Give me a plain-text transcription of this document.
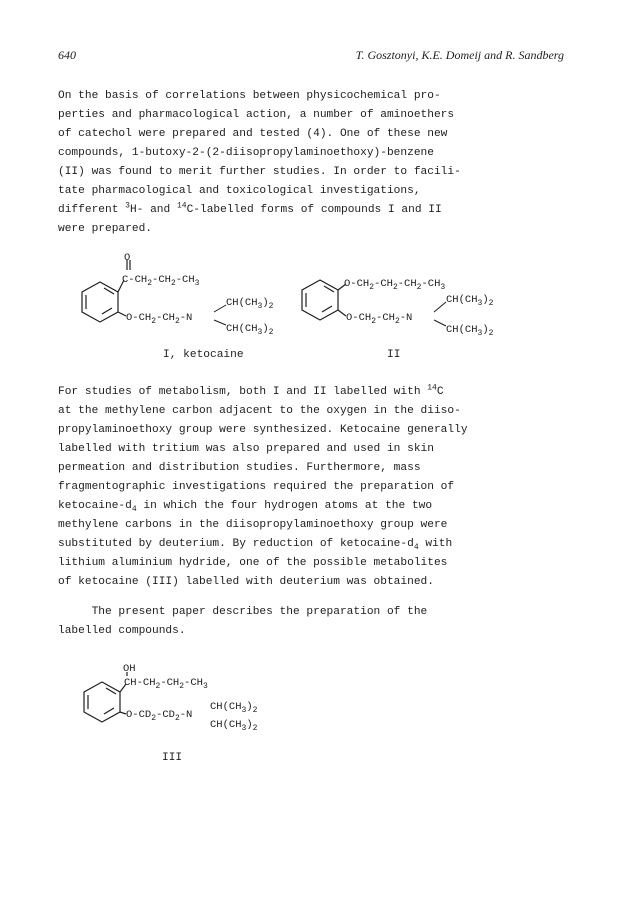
640	T. Gosztonyi, K.E. Domeij and R. Sandberg
On the basis of correlations between physicochemical pro-
perties and pharmacological action, a number of aminoethers
of catechol were prepared and tested (4). One of these new
compounds, 1-butoxy-2-(2-diisopropylaminoethoxy)-benzene
(II) was found to merit further studies. In order to facili-
tate pharmacological and toxicological investigations,
different $^3$H- and $^{14}$C-labelled forms of compounds I and II
were prepared.
O
$C-CH_2-CH_2-CH_3$
$O-CH_2-CH_2-N$
$CH(CH_3)_2$
$CH(CH_3)_2$
I, ketocaine
$O-CH_2-CH_2-CH_2-CH_3$
$O-CH_2-CH_2-N$
$CH(CH_3)_2$
$CH(CH_3)_2$
II
For studies of metabolism, both I and II labelled with $^{14}$C
at the methylene carbon adjacent to the oxygen in the diiso-
propylaminoethoxy group were synthesized. Ketocaine generally
labelled with tritium was also prepared and used in skin
permeation and distribution studies. Furthermore, mass
fragmentographic investigations required the preparation of
ketocaine-$d_4$ in which the four hydrogen atoms at the two
methylene carbons in the diisopropylaminoethoxy group were
substituted by deuterium. By reduction of ketocaine-$d_4$ with
lithium aluminium hydride, one of the possible metabolites
of ketocaine (III) labelled with deuterium was obtained.
The present paper describes the preparation of the
labelled compounds.
OH
$CH-CH_2-CH_2-CH_3$
$O-CD_2-CD_2-N$
$CH(CH_3)_2$
$CH(CH_3)_2$
III
